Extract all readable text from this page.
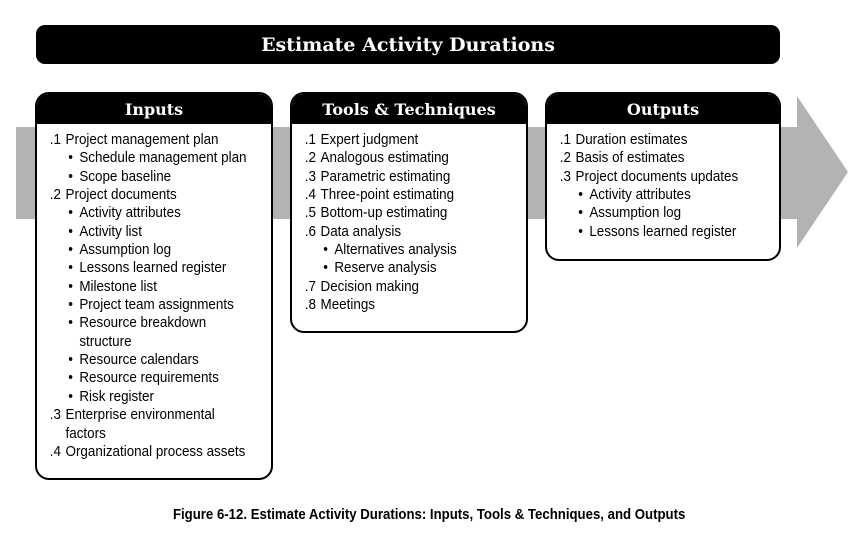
Estimate Activity Durations
Inputs
.1 Project management plan
• Schedule management plan
• Scope baseline
.2 Project documents
• Activity attributes
• Activity list
• Assumption log
• Lessons learned register
• Milestone list
• Project team assignments
• Resource breakdown
structure
• Resource calendars
• Resource requirements
• Risk register
.3 Enterprise environmental
factors
.4 Organizational process assets
Tools & Techniques
.1 Expert judgment
.2 Analogous estimating
.3 Parametric estimating
.4 Three-point estimating
.5 Bottom-up estimating
.6 Data analysis
• Alternatives analysis
• Reserve analysis
.7 Decision making
.8 Meetings
Outputs
.1 Duration estimates
.2 Basis of estimates
.3 Project documents updates
• Activity attributes
• Assumption log
• Lessons learned register
Figure 6-12. Estimate Activity Durations: Inputs, Tools & Techniques, and Outputs
